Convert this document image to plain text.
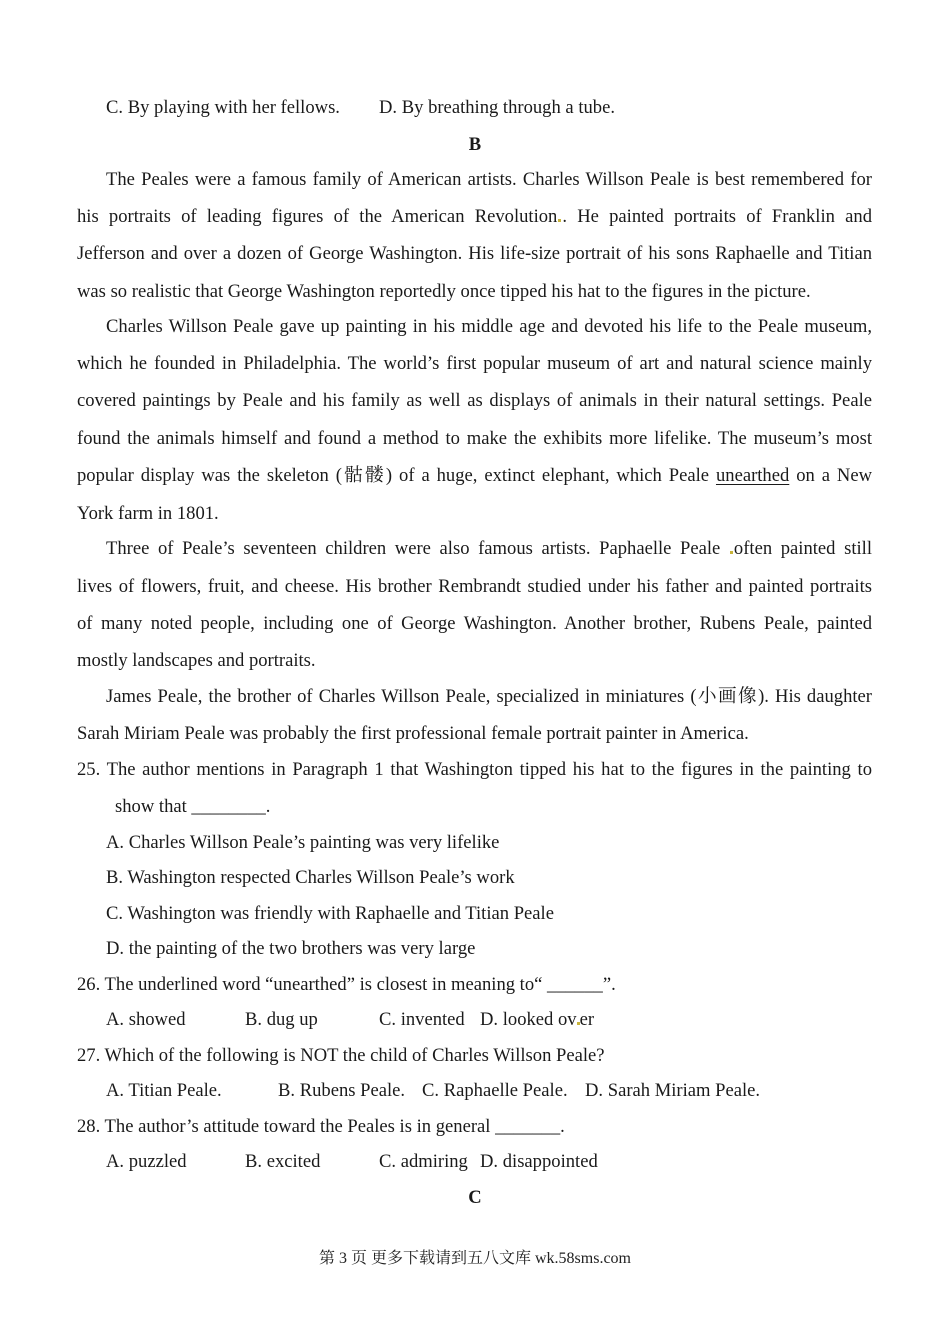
C. By playing with her fellows. D. By breathing through a tube.
B
The Peales were a famous family of American artists. Charles Willson Peale is best remembered for
his portraits of leading figures of the American Revolution . He painted portraits of Franklin and
Jefferson and over a dozen of George Washington. His life-size portrait of his sons Raphaelle and Titian
was so realistic that George Washington reportedly once tipped his hat to the figures in the picture.
Charles Willson Peale gave up painting in his middle age and devoted his life to the Peale museum,
which he founded in Philadelphia. The world’s first popular museum of art and natural science mainly
covered paintings by Peale and his family as well as displays of animals in their natural settings. Peale
found the animals himself and found a method to make the exhibits more lifelike. The museum’s most
popular display was the skeleton (骷髅) of a huge, extinct elephant, which Peale unearthed on a New
York farm in 1801.
Three of Peale’s seventeen children were also famous artists. Paphaelle Peale often painted still
lives of flowers, fruit, and cheese. His brother Rembrandt studied under his father and painted portraits
of many noted people, including one of George Washington. Another brother, Rubens Peale, painted
mostly landscapes and portraits.
James Peale, the brother of Charles Willson Peale, specialized in miniatures (小画像). His daughter
Sarah Miriam Peale was probably the first professional female portrait painter in America.
25. The author mentions in Paragraph 1 that Washington tipped his hat to the figures in the painting to
show that ________.
A. Charles Willson Peale’s painting was very lifelike
B. Washington respected Charles Willson Peale’s work
C. Washington was friendly with Raphaelle and Titian Peale
D. the painting of the two brothers was very large
26. The underlined word “unearthed” is closest in meaning to“ ______”.
A. showed	B. dug up	C. invented D. looked ov er
27. Which of the following is NOT the child of Charles Willson Peale?
A. Titian Peale.	B. Rubens Peale. C. Raphaelle Peale. D. Sarah Miriam Peale.
28. The author’s attitude toward the Peales is in general _______.
A. puzzled	B. excited	C. admiring D. disappointed
C
第 3 页 更多下载请到五八文库 wk.58sms.com
